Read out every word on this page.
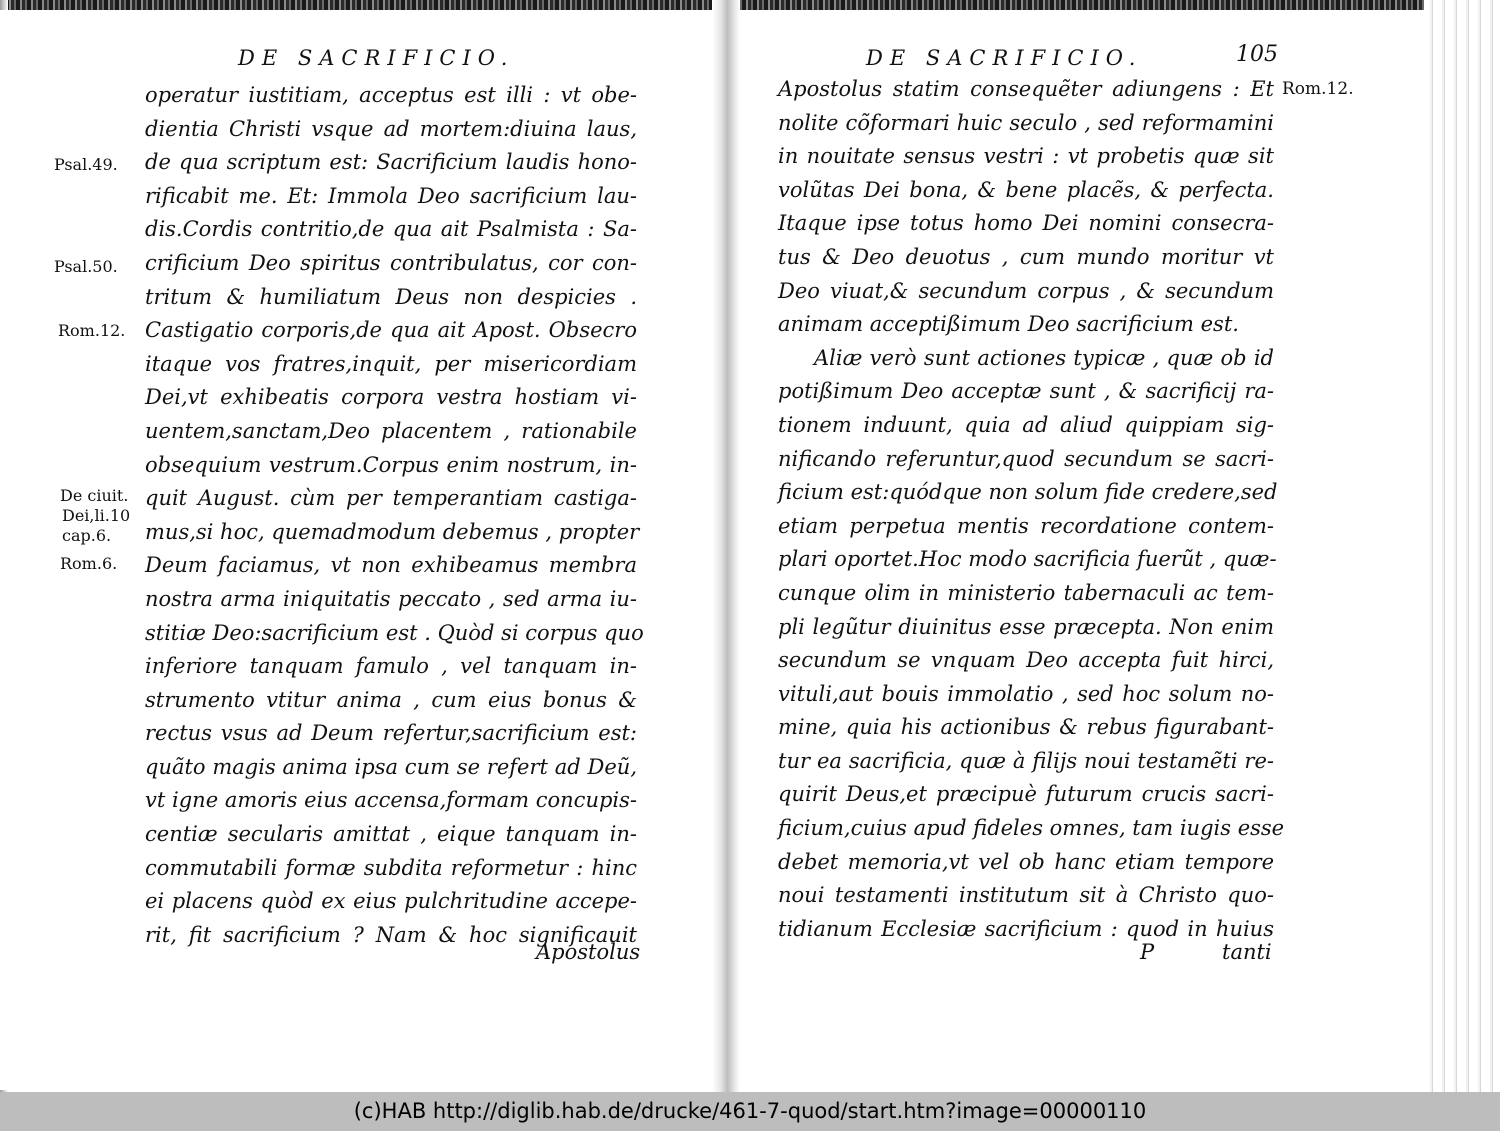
DE SACRIFICIO.
operatur iustitiam, acceptus est illi : vt obe-
dientia Christi vsque ad mortem:diuina laus,
de qua scriptum est: Sacrificium laudis hono-
rificabit me. Et: Immola Deo sacrificium lau-
dis.Cordis contritio,de qua ait Psalmista : Sa-
crificium Deo spiritus contribulatus, cor con-
tritum & humiliatum Deus non despicies .
Castigatio corporis,de qua ait Apost. Obsecro
itaque vos fratres,inquit, per misericordiam
Dei,vt exhibeatis corpora vestra hostiam vi-
uentem,sanctam,Deo placentem , rationabile
obsequium vestrum.Corpus enim nostrum, in-
quit August. cùm per temperantiam castiga-
mus,si hoc, quemadmodum debemus , propter
Deum faciamus, vt non exhibeamus membra
nostra arma iniquitatis peccato , sed arma iu-
stitiæ Deo:sacrificium est . Quòd si corpus quo
inferiore tanquam famulo , vel tanquam in-
strumento vtitur anima , cum eius bonus &
rectus vsus ad Deum refertur,sacrificium est:
quãto magis anima ipsa cum se refert ad Deũ,
vt igne amoris eius accensa,formam concupis-
centiæ secularis amittat , eique tanquam in-
commutabili formæ subdita reformetur : hinc
ei placens quòd ex eius pulchritudine accepe-
rit, fit sacrificium ? Nam & hoc significauit
Psal.49.
Psal.50.
Rom.12.
De ciuit.
Dei,li.10
cap.6.
Rom.6.
Apostolus
DE SACRIFICIO.	105
Rom.12.
Apostolus statim consequẽter adiungens : Et
nolite cõformari huic seculo , sed reformamini
in nouitate sensus vestri : vt probetis quæ sit
volũtas Dei bona, & bene placẽs, & perfecta.
Itaque ipse totus homo Dei nomini consecra-
tus & Deo deuotus , cum mundo moritur vt
Deo viuat,& secundum corpus , & secundum
animam acceptißimum Deo sacrificium est.
Aliæ verò sunt actiones typicæ , quæ ob id
potißimum Deo acceptæ sunt , & sacrificij ra-
tionem induunt, quia ad aliud quippiam sig-
nificando referuntur,quod secundum se sacri-
ficium est:quódque non solum fide credere,sed
etiam perpetua mentis recordatione contem-
plari oportet.Hoc modo sacrificia fuerũt , quæ-
cunque olim in ministerio tabernaculi ac tem-
pli legũtur diuinitus esse præcepta. Non enim
secundum se vnquam Deo accepta fuit hirci,
vituli,aut bouis immolatio , sed hoc solum no-
mine, quia his actionibus & rebus figurabant-
tur ea sacrificia, quæ à filijs noui testamẽti re-
quirit Deus,et præcipuè futurum crucis sacri-
ficium,cuius apud fideles omnes, tam iugis esse
debet memoria,vt vel ob hanc etiam tempore
noui testamenti institutum sit à Christo quo-
tidianum Ecclesiæ sacrificium : quod in huius
P	tanti
(c)HAB http://diglib.hab.de/drucke/461-7-quod/start.htm?image=00000110
